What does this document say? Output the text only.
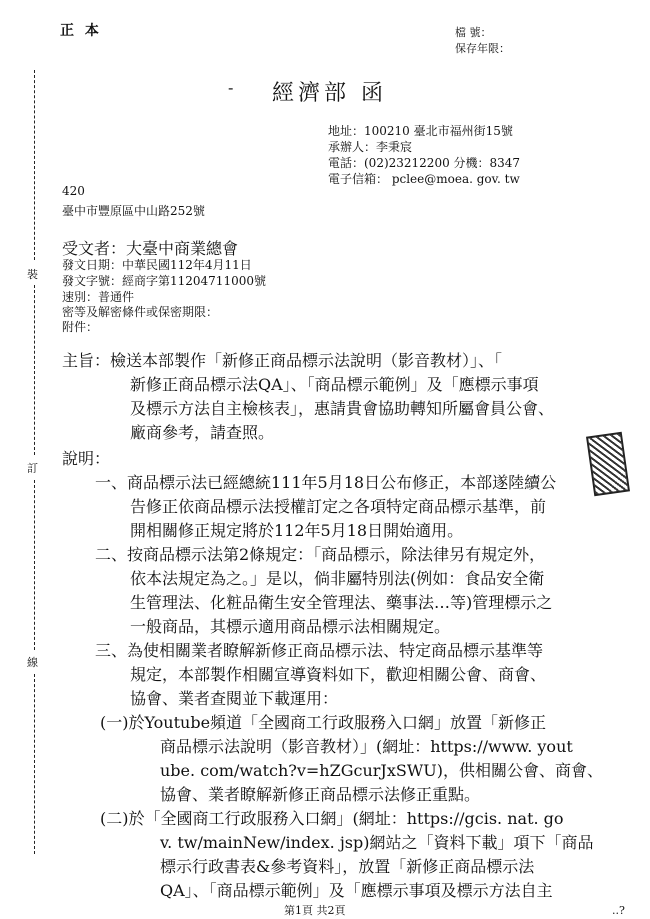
正 本	檔 號：
保存年限：
- 經濟部 函
地址：100210 臺北市福州街15號
承辦人：李秉宸
電話：(02)23212200 分機：8347
電子信箱： pclee@moea. gov. tw
420
臺中市豐原區中山路252號
受文者：大臺中商業總會
發文日期：中華民國112年4月11日
發文字號：經商字第11204711000號
速別：普通件
密等及解密條件或保密期限：
附件：
裝
訂
線
主旨：檢送本部製作「新修正商品標示法說明（影音教材）」、「
新修正商品標示法QA」、「商品標示範例」及「應標示事項
及標示方法自主檢核表」，惠請貴會協助轉知所屬會員公會、
廠商參考，請查照。
說明：
一、商品標示法已經總統111年5月18日公布修正，本部遂陸續公
告修正依商品標示法授權訂定之各項特定商品標示基準，前
開相關修正規定將於112年5月18日開始適用。
二、按商品標示法第2條規定：「商品標示，除法律另有規定外，
依本法規定為之。」是以，倘非屬特別法(例如：食品安全衛
生管理法、化粧品衛生安全管理法、藥事法…等)管理標示之
一般商品，其標示適用商品標示法相關規定。
三、為使相關業者瞭解新修正商品標示法、特定商品標示基準等
規定，本部製作相關宣導資料如下，歡迎相關公會、商會、
協會、業者查閱並下載運用：
(一)於Youtube頻道「全國商工行政服務入口網」放置「新修正
商品標示法說明（影音教材）」(網址：https://www. yout
ube. com/watch?v=hZGcurJxSWU)，供相關公會、商會、
協會、業者瞭解新修正商品標示法修正重點。
(二)於「全國商工行政服務入口網」(網址：https://gcis. nat. go
v. tw/mainNew/index. jsp)網站之「資料下載」項下「商品
標示行政書表&參考資料」，放置「新修正商品標示法
QA」、「商品標示範例」及「應標示事項及標示方法自主
第1頁 共2頁	..?
